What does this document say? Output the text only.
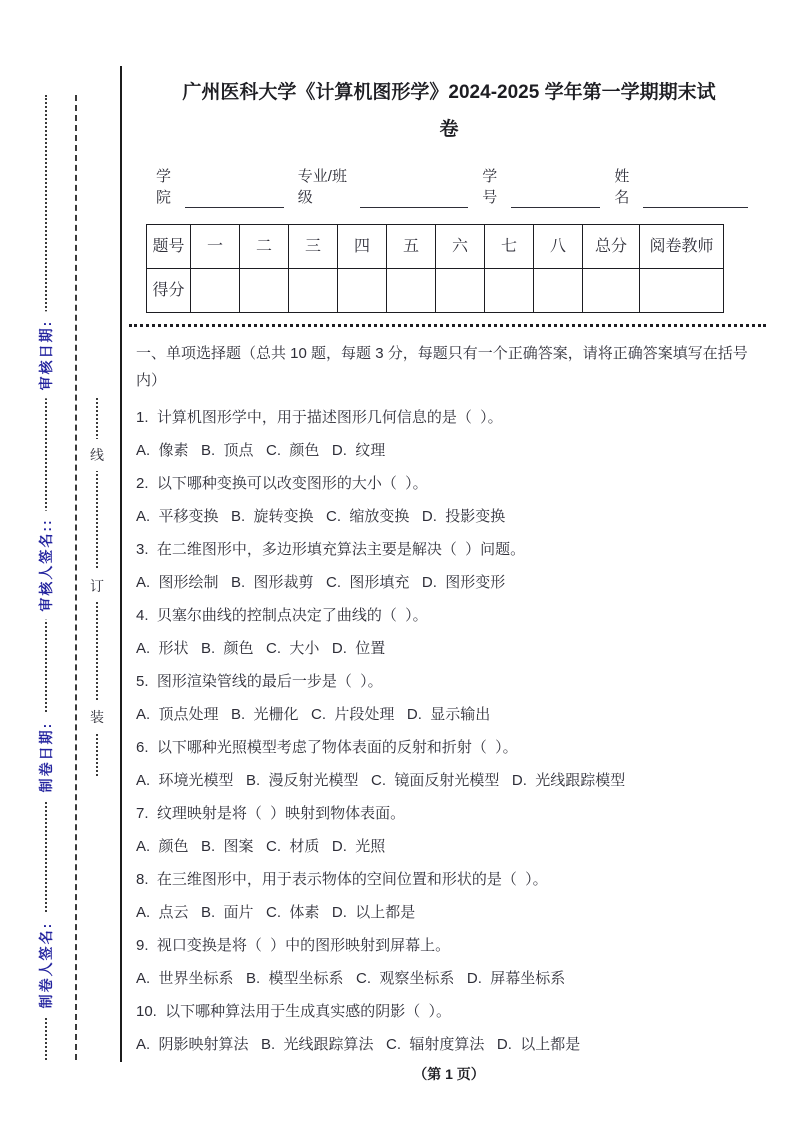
审核日期:
审核人签名::
制卷日期:
制卷人签名:
线
订
装
广州医科大学《计算机图形学》2024-2025 学年第一学期期末试
卷
学院
专业/班级
学号
姓名
题号	一	二	三	四	五	六	七	八	总分	阅卷教师
得分										
一、单项选择题（总共 10 题，每题 3 分，每题只有一个正确答案，请将正确答案填写在括号内）
1.  计算机图形学中，用于描述图形几何信息的是（  ）。
A.  像素   B.  顶点   C.  颜色   D.  纹理
2.  以下哪种变换可以改变图形的大小（  ）。
A.  平移变换   B.  旋转变换   C.  缩放变换   D.  投影变换
3.  在二维图形中，多边形填充算法主要是解决（  ）问题。
A.  图形绘制   B.  图形裁剪   C.  图形填充   D.  图形变形
4.  贝塞尔曲线的控制点决定了曲线的（  ）。
A.  形状   B.  颜色   C.  大小   D.  位置
5.  图形渲染管线的最后一步是（  ）。
A.  顶点处理   B.  光栅化   C.  片段处理   D.  显示输出
6.  以下哪种光照模型考虑了物体表面的反射和折射（  ）。
A.  环境光模型   B.  漫反射光模型   C.  镜面反射光模型   D.  光线跟踪模型
7.  纹理映射是将（  ）映射到物体表面。
A.  颜色   B.  图案   C.  材质   D.  光照
8.  在三维图形中，用于表示物体的空间位置和形状的是（  ）。
A.  点云   B.  面片   C.  体素   D.  以上都是
9.  视口变换是将（  ）中的图形映射到屏幕上。
A.  世界坐标系   B.  模型坐标系   C.  观察坐标系   D.  屏幕坐标系
10.  以下哪种算法用于生成真实感的阴影（  ）。
A.  阴影映射算法   B.  光线跟踪算法   C.  辐射度算法   D.  以上都是
（第 1 页）
